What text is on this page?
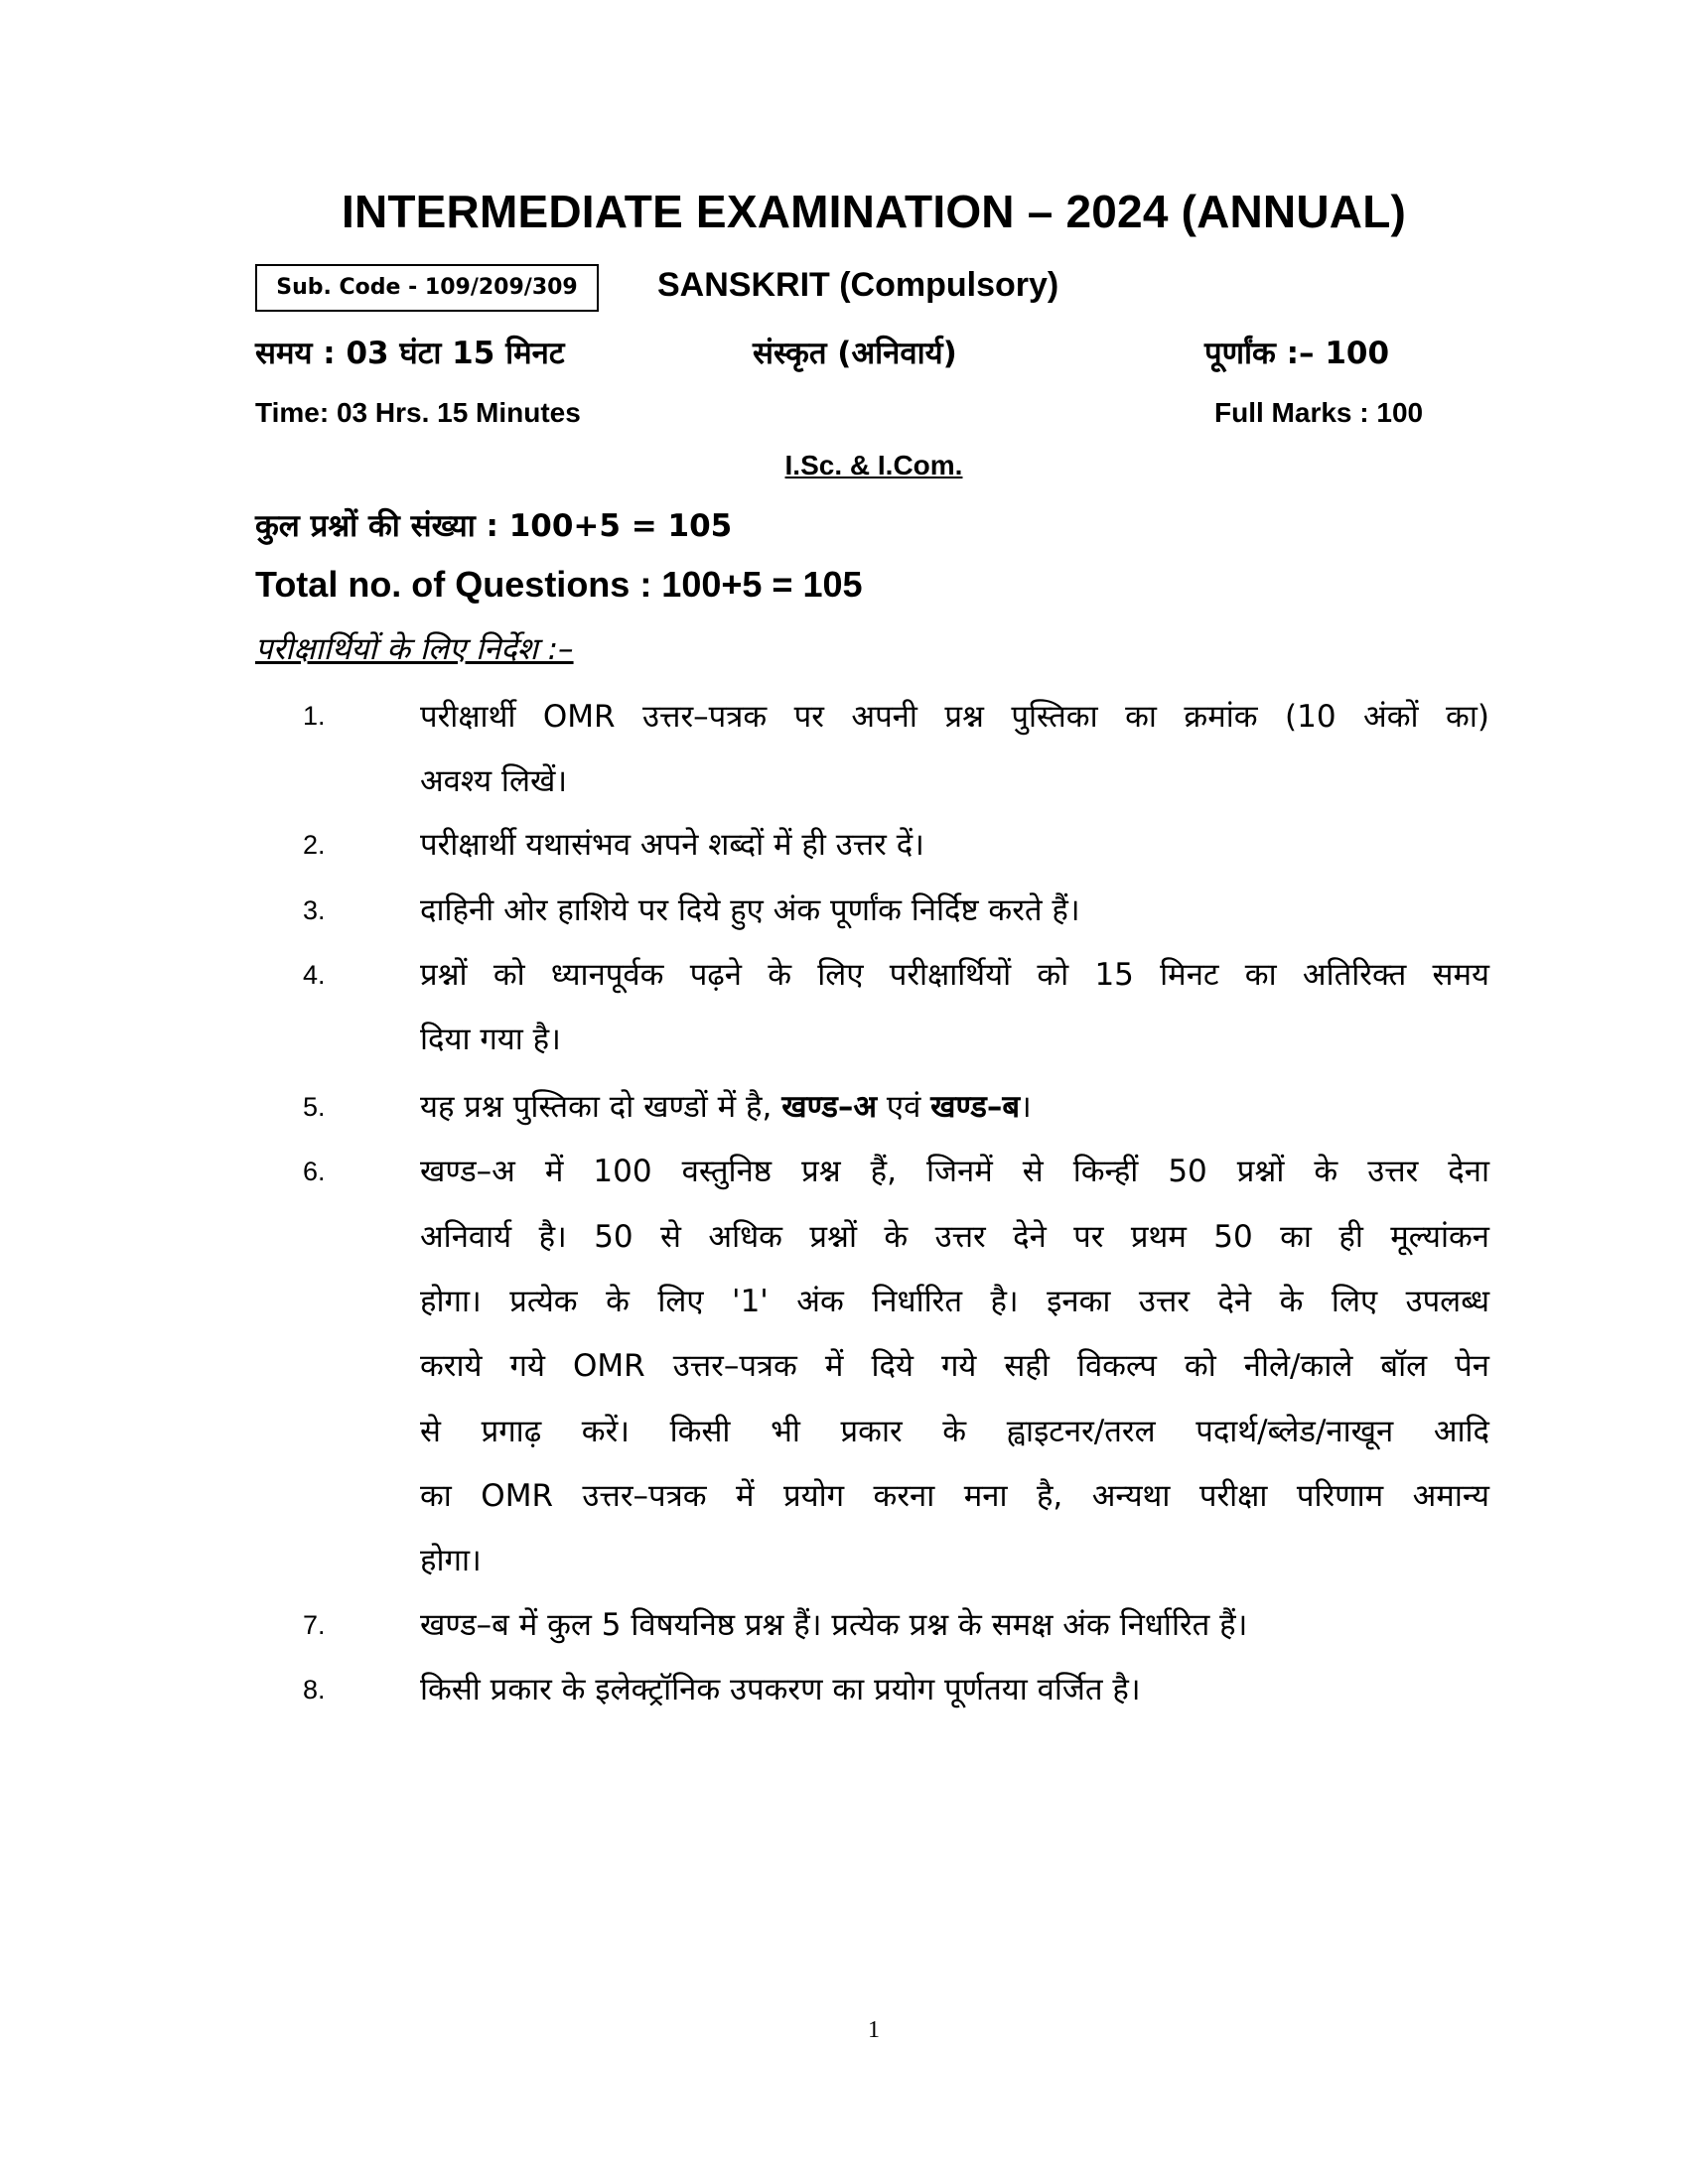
INTERMEDIATE EXAMINATION – 2024 (ANNUAL)
Sub. Code - 109/209/309	SANSKRIT (Compulsory)
समय : 03 घंटा 15 मिनट	संस्कृत (अनिवार्य)	पूर्णांक :– 100
Time: 03 Hrs. 15 Minutes	Full Marks : 100
I.Sc. & I.Com.
कुल प्रश्नों की संख्या : 100+5 = 105
Total no. of Questions : 100+5 = 105
परीक्षार्थियों के लिए निर्देश :–
1.	परीक्षार्थी OMR उत्तर–पत्रक पर अपनी प्रश्न पुस्तिका का क्रमांक (10 अंकों का)
अवश्य लिखें।
2.	परीक्षार्थी यथासंभव अपने शब्दों में ही उत्तर दें।
3.	दाहिनी ओर हाशिये पर दिये हुए अंक पूर्णांक निर्दिष्ट करते हैं।
4.	प्रश्नों को ध्यानपूर्वक पढ़ने के लिए परीक्षार्थियों को 15 मिनट का अतिरिक्त समय
दिया गया है।
5.	यह प्रश्न पुस्तिका दो खण्डों में है, खण्ड–अ एवं खण्ड–ब।
6.	खण्ड–अ में 100 वस्तुनिष्ठ प्रश्न हैं, जिनमें से किन्हीं 50 प्रश्नों के उत्तर देना
अनिवार्य है। 50 से अधिक प्रश्नों के उत्तर देने पर प्रथम 50 का ही मूल्यांकन
होगा। प्रत्येक के लिए '1' अंक निर्धारित है। इनका उत्तर देने के लिए उपलब्ध
कराये गये OMR उत्तर–पत्रक में दिये गये सही विकल्प को नीले/काले बॉल पेन
से प्रगाढ़ करें। किसी भी प्रकार के ह्वाइटनर/तरल पदार्थ/ब्लेड/नाखून आदि
का OMR उत्तर–पत्रक में प्रयोग करना मना है, अन्यथा परीक्षा परिणाम अमान्य
होगा।
7.	खण्ड–ब में कुल 5 विषयनिष्ठ प्रश्न हैं। प्रत्येक प्रश्न के समक्ष अंक निर्धारित हैं।
8.	किसी प्रकार के इलेक्ट्रॉनिक उपकरण का प्रयोग पूर्णतया वर्जित है।
1
